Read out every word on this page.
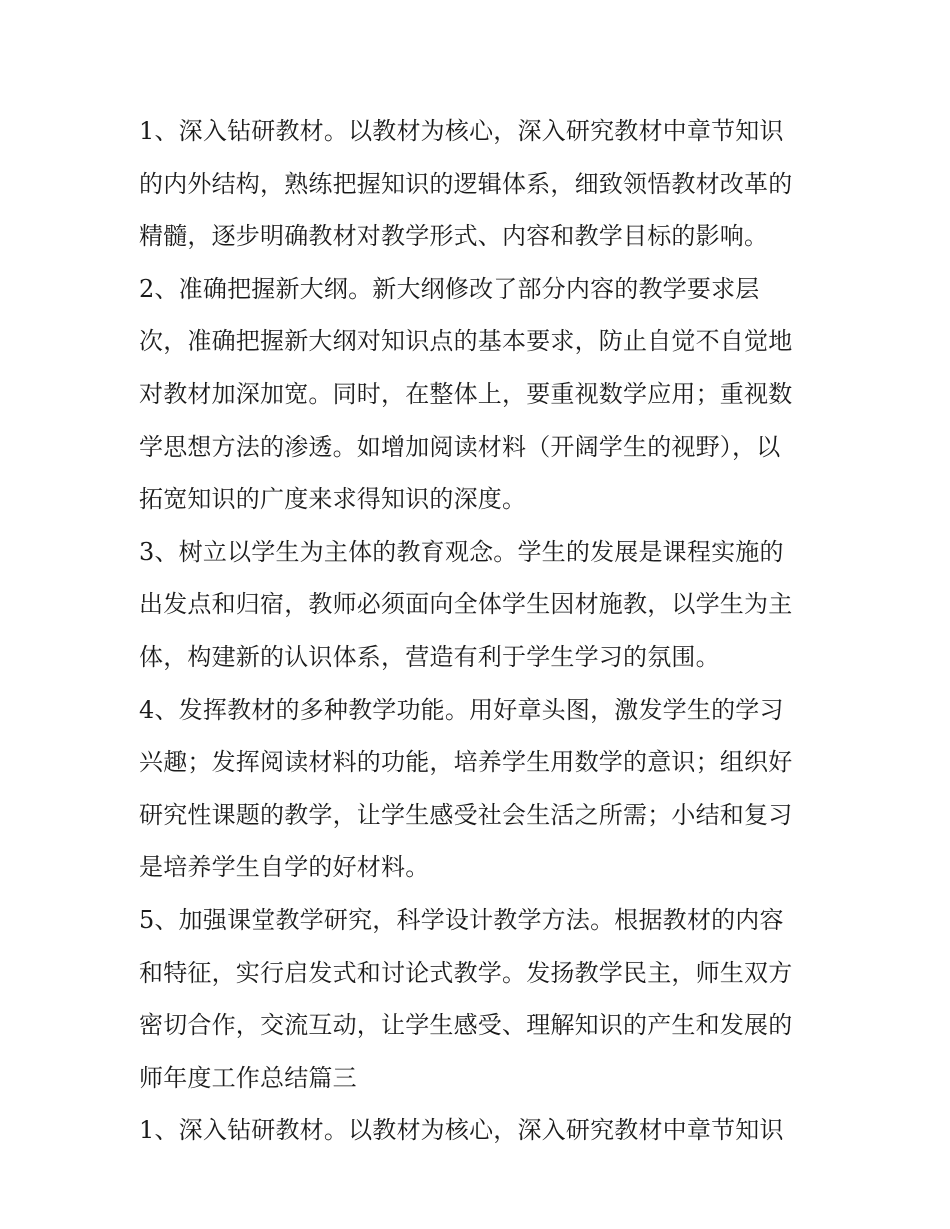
1、深入钻研教材。以教材为核心，深入研究教材中章节知识

的内外结构，熟练把握知识的逻辑体系，细致领悟教材改革的

精髓，逐步明确教材对教学形式、内容和教学目标的影响。

2、准确把握新大纲。新大纲修改了部分内容的教学要求层

次，准确把握新大纲对知识点的基本要求，防止自觉不自觉地

对教材加深加宽。同时，在整体上，要重视数学应用；重视数

学思想方法的渗透。如增加阅读材料（开阔学生的视野），以

拓宽知识的广度来求得知识的深度。

3、树立以学生为主体的教育观念。学生的发展是课程实施的

出发点和归宿，教师必须面向全体学生因材施教，以学生为主

体，构建新的认识体系，营造有利于学生学习的氛围。

4、发挥教材的多种教学功能。用好章头图，激发学生的学习

兴趣；发挥阅读材料的功能，培养学生用数学的意识；组织好

研究性课题的教学，让学生感受社会生活之所需；小结和复习

是培养学生自学的好材料。

5、加强课堂教学研究，科学设计教学方法。根据教材的内容

和特征，实行启发式和讨论式教学。发扬教学民主，师生双方

密切合作，交流互动，让学生感受、理解知识的产生和发展的

师年度工作总结篇三

1、深入钻研教材。以教材为核心，深入研究教材中章节知识
